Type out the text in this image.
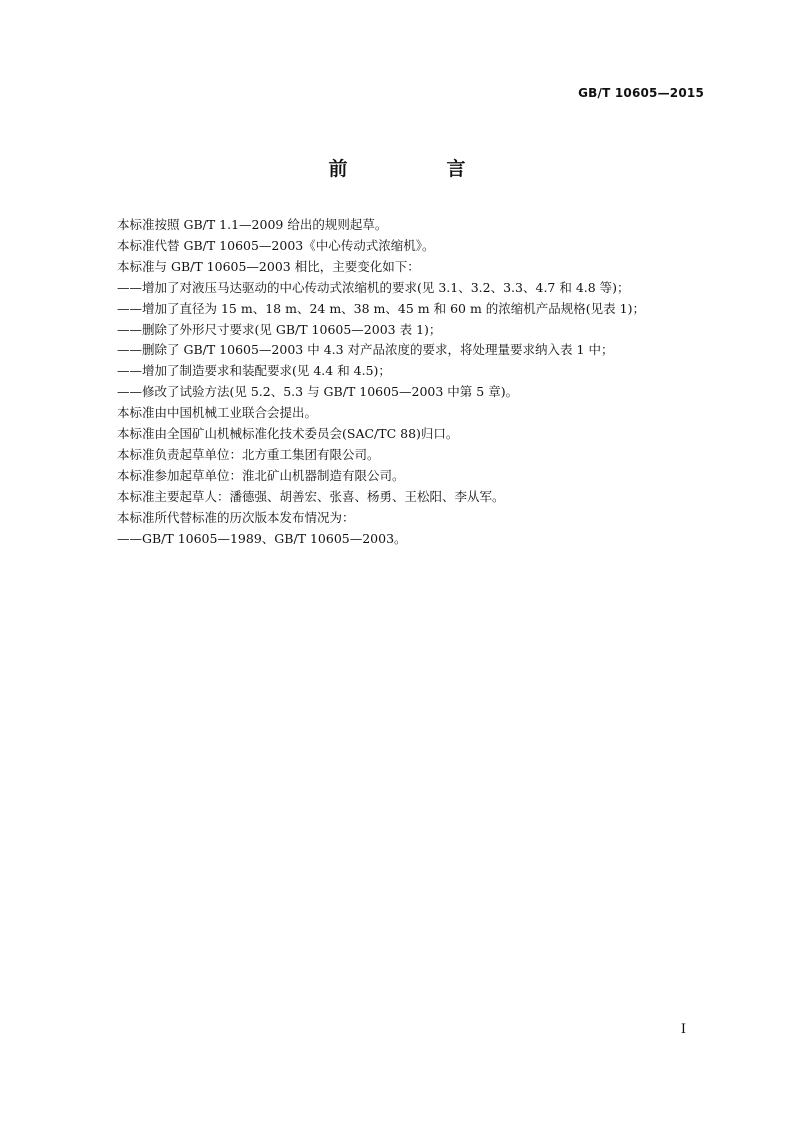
GB/T 10605—2015
前　言
本标准按照 GB/T 1.1—2009 给出的规则起草。
本标准代替 GB/T 10605—2003《中心传动式浓缩机》。
本标准与 GB/T 10605—2003 相比，主要变化如下：
——增加了对液压马达驱动的中心传动式浓缩机的要求(见 3.1、3.2、3.3、4.7 和 4.8 等)；
——增加了直径为 15 m、18 m、24 m、38 m、45 m 和 60 m 的浓缩机产品规格(见表 1)；
——删除了外形尺寸要求(见 GB/T 10605—2003 表 1)；
——删除了 GB/T 10605—2003 中 4.3 对产品浓度的要求，将处理量要求纳入表 1 中；
——增加了制造要求和装配要求(见 4.4 和 4.5)；
——修改了试验方法(见 5.2、5.3 与 GB/T 10605—2003 中第 5 章)。
本标准由中国机械工业联合会提出。
本标准由全国矿山机械标准化技术委员会(SAC/TC 88)归口。
本标准负责起草单位：北方重工集团有限公司。
本标准参加起草单位：淮北矿山机器制造有限公司。
本标准主要起草人：潘德强、胡善宏、张喜、杨勇、王松阳、李从军。
本标准所代替标准的历次版本发布情况为：
——GB/T 10605—1989、GB/T 10605—2003。
I
